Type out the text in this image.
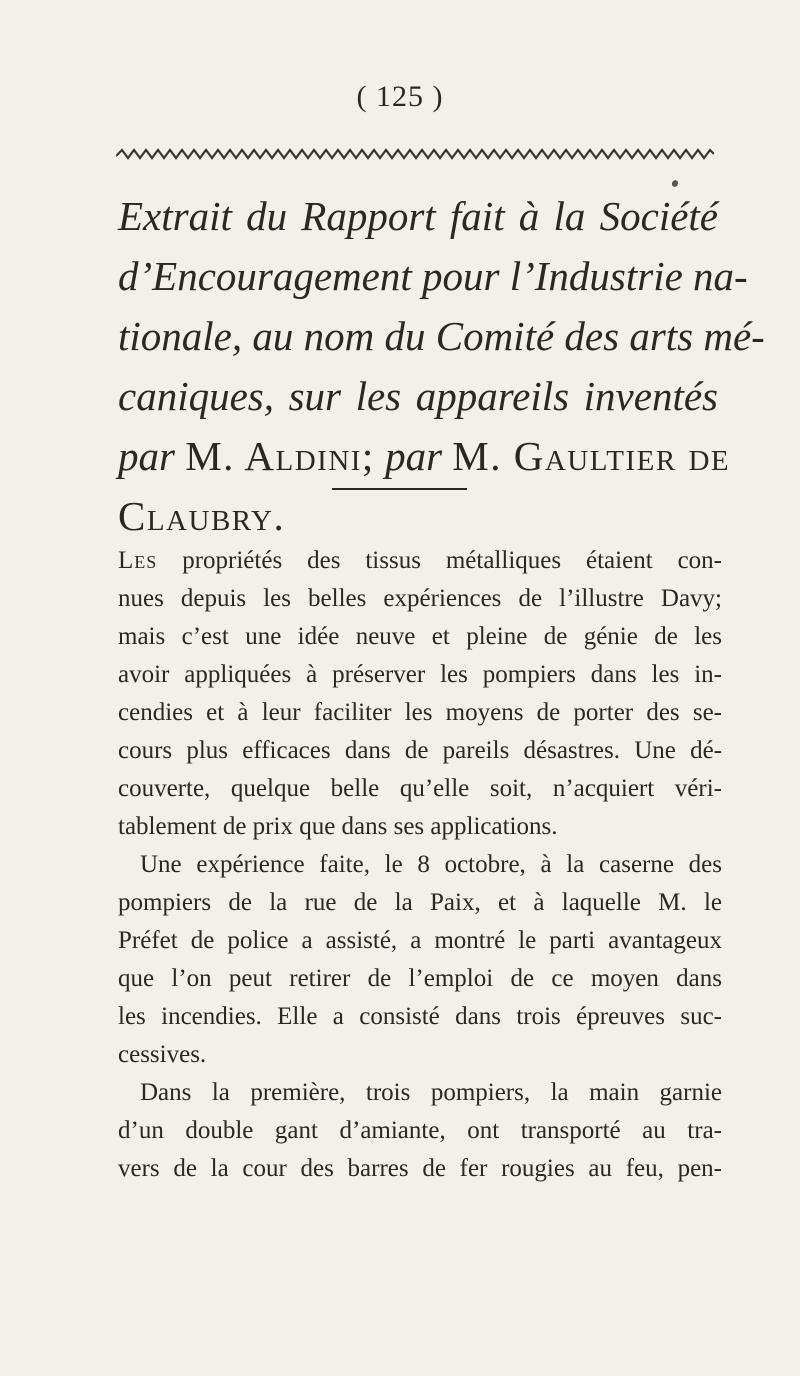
( 125 )
Extrait du Rapport fait à la Société
d’Encouragement pour l’Industrie na-
tionale, au nom du Comité des arts mé-
caniques, sur les appareils inventés
par M. Aldini; par M. Gaultier de
Claubry.
Les propriétés des tissus métalliques étaient con-
nues depuis les belles expériences de l’illustre Davy;
mais c’est une idée neuve et pleine de génie de les
avoir appliquées à préserver les pompiers dans les in-
cendies et à leur faciliter les moyens de porter des se-
cours plus efficaces dans de pareils désastres. Une dé-
couverte, quelque belle qu’elle soit, n’acquiert véri-
tablement de prix que dans ses applications.
Une expérience faite, le 8 octobre, à la caserne des
pompiers de la rue de la Paix, et à laquelle M. le
Préfet de police a assisté, a montré le parti avantageux
que l’on peut retirer de l’emploi de ce moyen dans
les incendies. Elle a consisté dans trois épreuves suc-
cessives.
Dans la première, trois pompiers, la main garnie
d’un double gant d’amiante, ont transporté au tra-
vers de la cour des barres de fer rougies au feu, pen-
